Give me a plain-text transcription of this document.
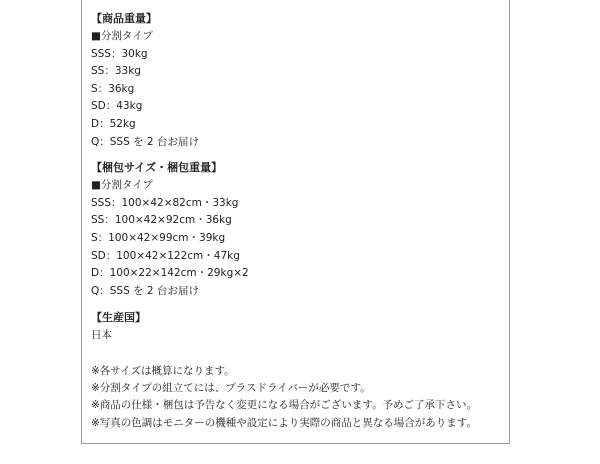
【商品重量】

■分割タイプ

SSS：30kg

SS：33kg

S：36kg

SD：43kg

D：52kg

Q：SSS を 2 台お届け

【梱包サイズ・梱包重量】

■分割タイプ

SSS：100×42×82cm・33kg

SS：100×42×92cm・36kg

S：100×42×99cm・39kg

SD：100×42×122cm・47kg

D：100×22×142cm・29kg×2

Q：SSS を 2 台お届け

【生産国】

日本

※各サイズは概算になります。

※分割タイプの組立てには、プラスドライバーが必要です。

※商品の仕様・梱包は予告なく変更になる場合がございます。予めご了承下さい。

※写真の色調はモニターの機種や設定により実際の商品と異なる場合があります。
